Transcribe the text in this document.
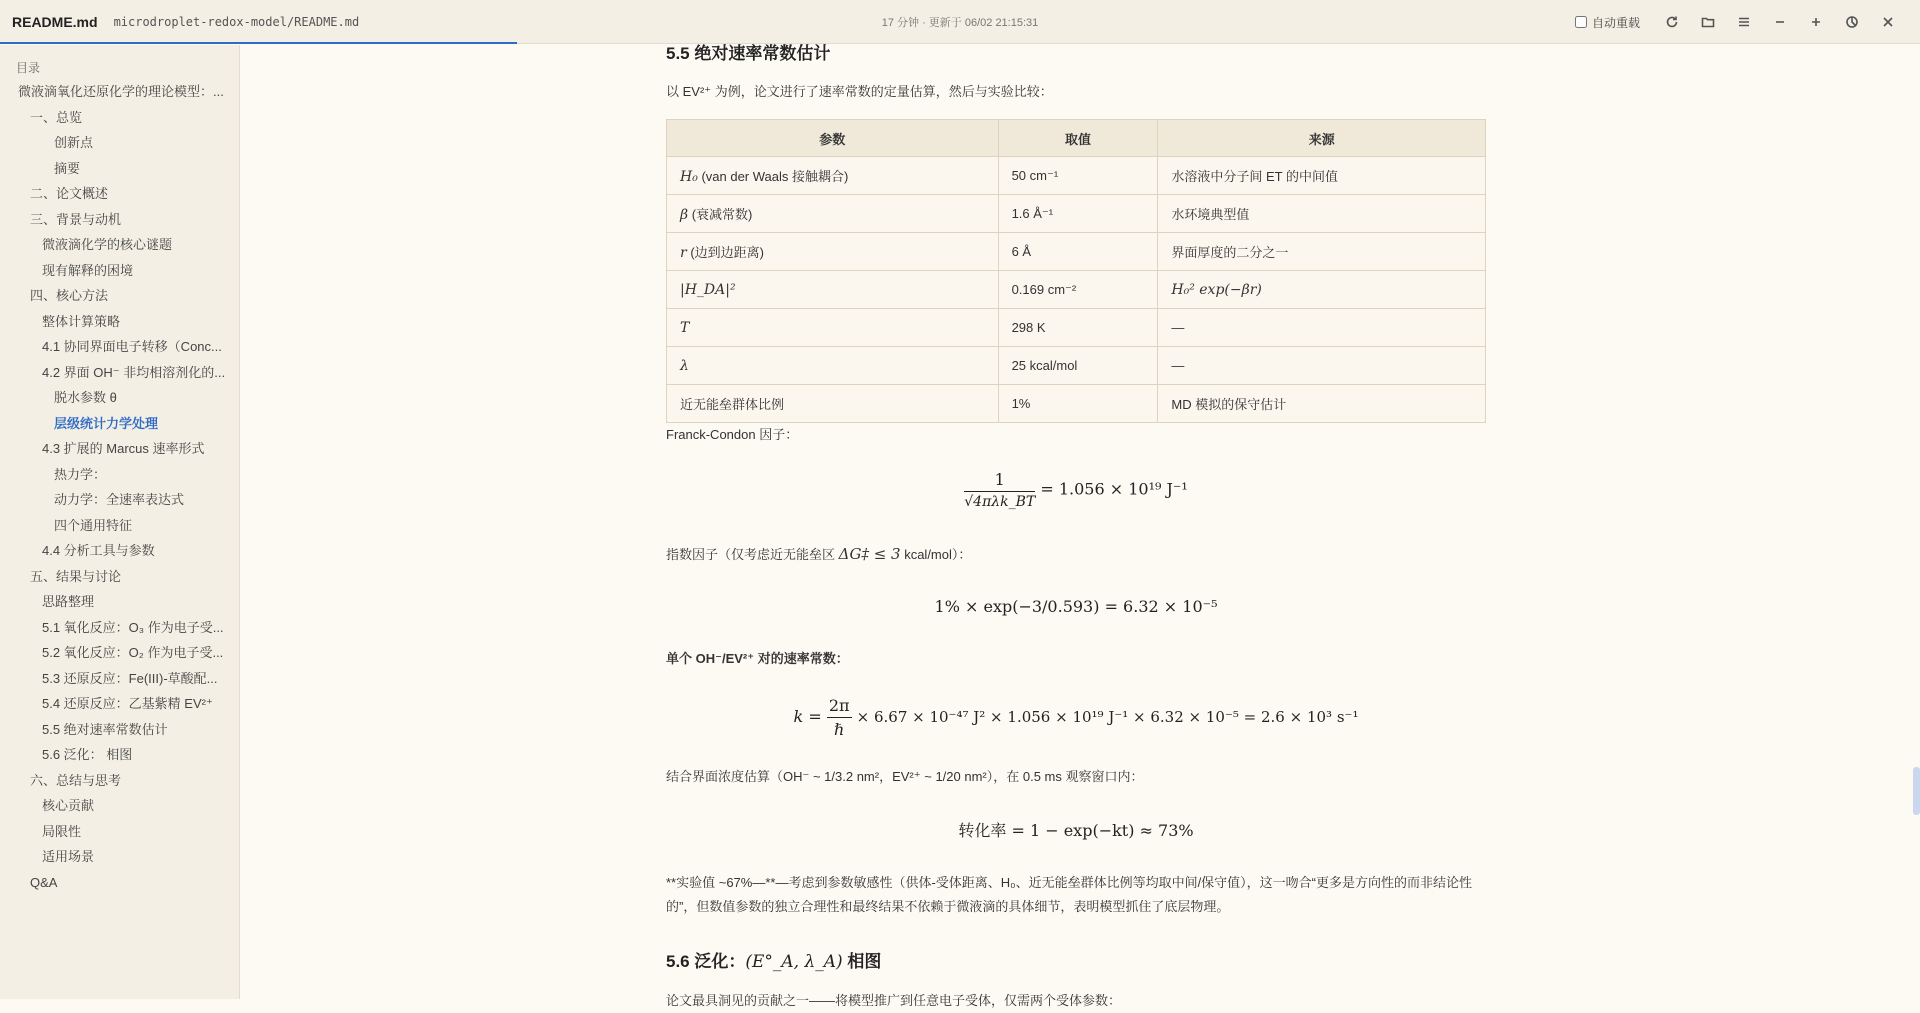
README.md microdroplet-redox-model/README.md	17 分钟 · 更新于 06/02 21:15:31	自动重载
目录
微液滴氧化还原化学的理论模型：...
一、总览
创新点
摘要
二、论文概述
三、背景与动机
微液滴化学的核心谜题
现有解释的困境
四、核心方法
整体计算策略
4.1 协同界面电子转移（Conc...
4.2 界面 OH⁻ 非均相溶剂化的...
脱水参数 θ
层级统计力学处理
4.3 扩展的 Marcus 速率形式
热力学：
动力学：全速率表达式
四个通用特征
4.4 分析工具与参数
五、结果与讨论
思路整理
5.1 氧化反应：O₃ 作为电子受...
5.2 氧化反应：O₂ 作为电子受...
5.3 还原反应：Fe(III)-草酸配...
5.4 还原反应：乙基紫精 EV²⁺
5.5 绝对速率常数估计
5.6 泛化： 相图
六、总结与思考
核心贡献
局限性
适用场景
Q&A
5.5 绝对速率常数估计
以 EV²⁺ 为例，论文进行了速率常数的定量估算，然后与实验比较：
参数	取值	来源
H₀ (van der Waals 接触耦合)	50 cm⁻¹	水溶液中分子间 ET 的中间值
β (衰减常数)	1.6 Å⁻¹	水环境典型值
r (边到边距离)	6 Å	界面厚度的二分之一
|H_DA|²	0.169 cm⁻²	H₀² exp(−βr)
T	298 K	—
λ	25 kcal/mol	—
近无能垒群体比例	1%	MD 模拟的保守估计
Franck-Condon 因子：
$\frac{1}{\text{√4πλk\_BT}} = 1.056 \times 10^{19}$ J⁻¹
指数因子（仅考虑近无能垒区 ΔG‡ ≤ 3 kcal/mol）：
1% × exp(−3/0.593) = 6.32 × 10⁻⁵
单个 OH⁻/EV²⁺ 对的速率常数：
$k = \frac{2\pi}{\text{ℏ}} \times 6.67 \times 10^{-47}$ J² × 1.056 × 10¹⁹ J⁻¹ × 6.32 × 10⁻⁵ = 2.6 × 10³ s⁻¹
结合界面浓度估算（OH⁻ ~ 1/3.2 nm²，EV²⁺ ~ 1/20 nm²），在 0.5 ms 观察窗口内：
转化率 = 1 − exp(−kt) ≈ 73%
**实验值 ~67%—**—考虑到参数敏感性（供体-受体距离、H₀、近无能垒群体比例等均取中间/保守值），这一吻合“更多是方向性的而非结论性的”，但数值参数的独立合理性和最终结果不依赖于微液滴的具体细节，表明模型抓住了底层物理。
5.6 泛化：(E°_A, λ_A) 相图
论文最具洞见的贡献之一——将模型推广到任意电子受体，仅需两个受体参数：
